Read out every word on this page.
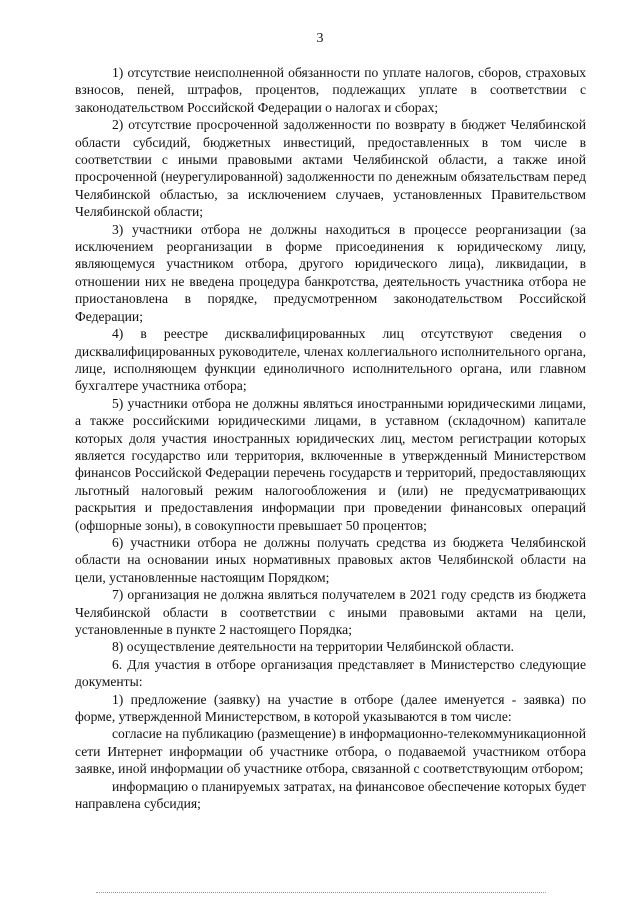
3

1) отсутствие неисполненной обязанности по уплате налогов, сборов, страховых взносов, пеней, штрафов, процентов, подлежащих уплате в соответствии с законодательством Российской Федерации о налогах и сборах;

2) отсутствие просроченной задолженности по возврату в бюджет Челябинской области субсидий, бюджетных инвестиций, предоставленных в том числе в соответствии с иными правовыми актами Челябинской области, а также иной просроченной (неурегулированной) задолженности по денежным обязательствам перед Челябинской областью, за исключением случаев, установленных Правительством Челябинской области;

3) участники отбора не должны находиться в процессе реорганизации (за исключением реорганизации в форме присоединения к юридическому лицу, являющемуся участником отбора, другого юридического лица), ликвидации, в отношении них не введена процедура банкротства, деятельность участника отбора не приостановлена в порядке, предусмотренном законодательством Российской Федерации;

4) в реестре дисквалифицированных лиц отсутствуют сведения о дисквалифицированных руководителе, членах коллегиального исполнительного органа, лице, исполняющем функции единоличного исполнительного органа, или главном бухгалтере участника отбора;

5) участники отбора не должны являться иностранными юридическими лицами, а также российскими юридическими лицами, в уставном (складочном) капитале которых доля участия иностранных юридических лиц, местом регистрации которых является государство или территория, включенные в утвержденный Министерством финансов Российской Федерации перечень государств и территорий, предоставляющих льготный налоговый режим налогообложения и (или) не предусматривающих раскрытия и предоставления информации при проведении финансовых операций (офшорные зоны), в совокупности превышает 50 процентов;

6) участники отбора не должны получать средства из бюджета Челябинской области на основании иных нормативных правовых актов Челябинской области на цели, установленные настоящим Порядком;

7) организация не должна являться получателем в 2021 году средств из бюджета Челябинской области в соответствии с иными правовыми актами на цели, установленные в пункте 2 настоящего Порядка;

8) осуществление деятельности на территории Челябинской области.

6. Для участия в отборе организация представляет в Министерство следующие документы:

1) предложение (заявку) на участие в отборе (далее именуется - заявка) по форме, утвержденной Министерством, в которой указываются в том числе:

согласие на публикацию (размещение) в информационно-телекоммуникационной сети Интернет информации об участнике отбора, о подаваемой участником отбора заявке, иной информации об участнике отбора, связанной с соответствующим отбором;

информацию о планируемых затратах, на финансовое обеспечение которых будет направлена субсидия;
